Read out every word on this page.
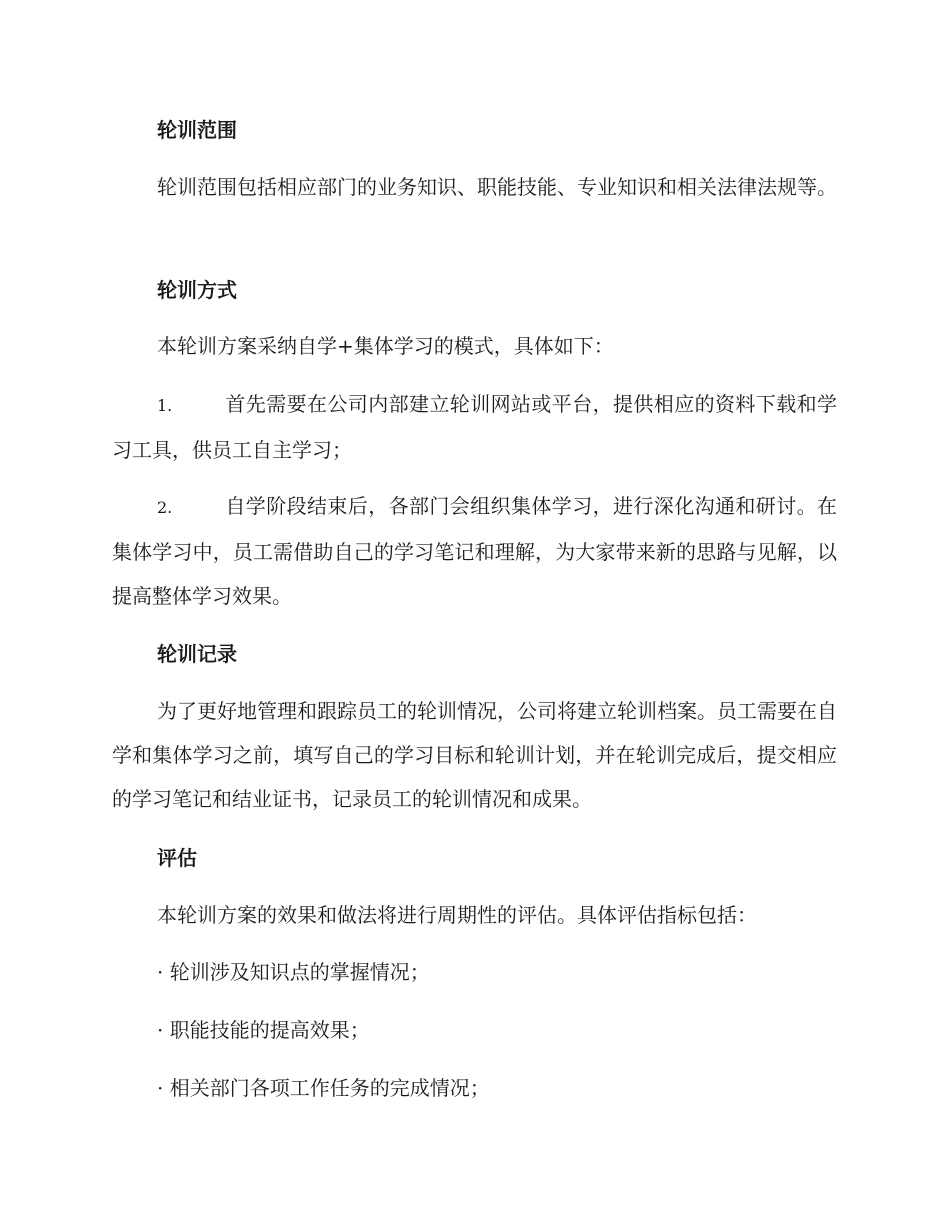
轮训范围

轮训范围包括相应部门的业务知识、职能技能、专业知识和相关法律法规等。

轮训方式

本轮训方案采纳自学+集体学习的模式，具体如下：

1.	首先需要在公司内部建立轮训网站或平台，提供相应的资料下载和学习工具，供员工自主学习；
2.	自学阶段结束后，各部门会组织集体学习，进行深化沟通和研讨。在集体学习中，员工需借助自己的学习笔记和理解，为大家带来新的思路与见解，以提高整体学习效果。
轮训记录

为了更好地管理和跟踪员工的轮训情况，公司将建立轮训档案。员工需要在自学和集体学习之前，填写自己的学习目标和轮训计划，并在轮训完成后，提交相应的学习笔记和结业证书，记录员工的轮训情况和成果。

评估

本轮训方案的效果和做法将进行周期性的评估。具体评估指标包括：

· 轮训涉及知识点的掌握情况；

· 职能技能的提高效果；

· 相关部门各项工作任务的完成情况；
